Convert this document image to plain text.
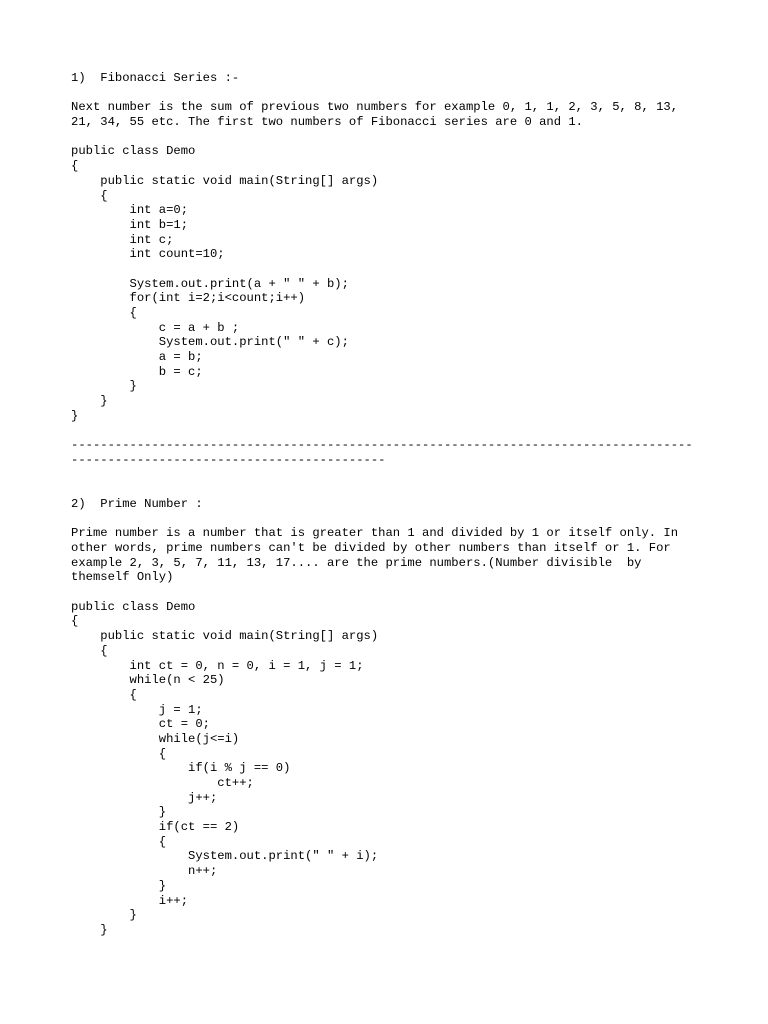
1)  Fibonacci Series :-
Next number is the sum of previous two numbers for example 0, 1, 1, 2, 3, 5, 8, 13,
21, 34, 55 etc. The first two numbers of Fibonacci series are 0 and 1.
public class Demo
{
public static void main(String[] args)
{
int a=0;
int b=1;
int c;
int count=10;
System.out.print(a + " " + b);
for(int i=2;i<count;i++)
{
c = a + b ;
System.out.print(" " + c);
a = b;
b = c;
}
}
}
-------------------------------------------------------------------------------------
-------------------------------------------
2)  Prime Number :
Prime number is a number that is greater than 1 and divided by 1 or itself only. In
other words, prime numbers can't be divided by other numbers than itself or 1. For
example 2, 3, 5, 7, 11, 13, 17.... are the prime numbers.(Number divisible  by
themself Only)
public class Demo
{
public static void main(String[] args)
{
int ct = 0, n = 0, i = 1, j = 1;
while(n < 25)
{
j = 1;
ct = 0;
while(j<=i)
{
if(i % j == 0)
ct++;
j++;
}
if(ct == 2)
{
System.out.print(" " + i);
n++;
}
i++;
}
}
